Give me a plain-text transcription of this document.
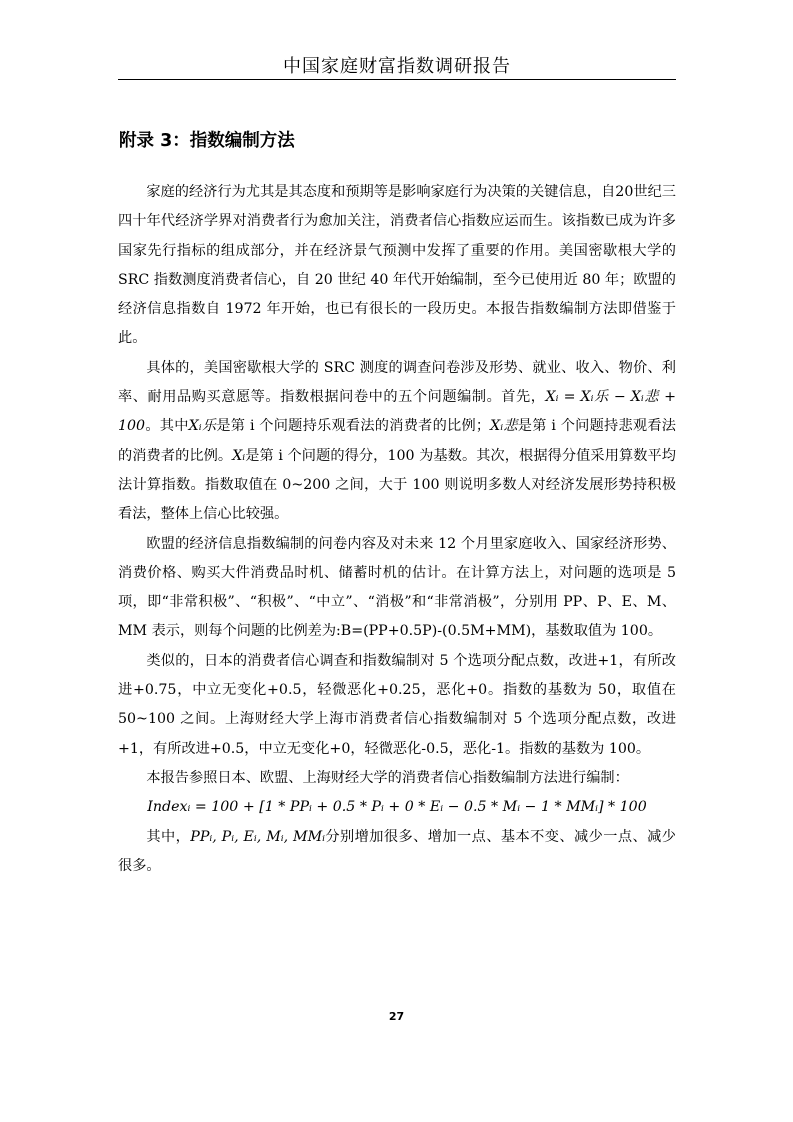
中国家庭财富指数调研报告
附录 3：指数编制方法

家庭的经济行为尤其是其态度和预期等是影响家庭行为决策的关键信息，自20世纪三四十年代经济学界对消费者行为愈加关注，消费者信心指数应运而生。该指数已成为许多国家先行指标的组成部分，并在经济景气预测中发挥了重要的作用。美国密歇根大学的 SRC 指数测度消费者信心，自 20 世纪 40 年代开始编制，至今已使用近 80 年；欧盟的经济信息指数自 1972 年开始，也已有很长的一段历史。本报告指数编制方法即借鉴于此。

具体的，美国密歇根大学的 SRC 测度的调查问卷涉及形势、就业、收入、物价、利率、耐用品购买意愿等。指数根据问卷中的五个问题编制。首先，Xᵢ = Xᵢ乐 − Xᵢ悲 + 100。其中Xᵢ乐是第 i 个问题持乐观看法的消费者的比例；Xᵢ悲是第 i 个问题持悲观看法的消费者的比例。Xᵢ是第 i 个问题的得分，100 为基数。其次，根据得分值采用算数平均法计算指数。指数取值在 0~200 之间，大于 100 则说明多数人对经济发展形势持积极看法，整体上信心比较强。

欧盟的经济信息指数编制的问卷内容及对未来 12 个月里家庭收入、国家经济形势、消费价格、购买大件消费品时机、储蓄时机的估计。在计算方法上，对问题的选项是 5 项，即“非常积极”、“积极”、“中立”、“消极”和“非常消极”，分别用 PP、P、E、M、MM 表示，则每个问题的比例差为:B=(PP+0.5P)-(0.5M+MM)，基数取值为 100。

类似的，日本的消费者信心调查和指数编制对 5 个选项分配点数，改进+1，有所改进+0.75，中立无变化+0.5，轻微恶化+0.25，恶化+0。指数的基数为 50，取值在 50~100 之间。上海财经大学上海市消费者信心指数编制对 5 个选项分配点数，改进+1，有所改进+0.5，中立无变化+0，轻微恶化-0.5，恶化-1。指数的基数为 100。

本报告参照日本、欧盟、上海财经大学的消费者信心指数编制方法进行编制：

Indexᵢ = 100 + [1 * PPᵢ + 0.5 * Pᵢ + 0 * Eᵢ − 0.5 * Mᵢ − 1 * MMᵢ] * 100

其中，PPᵢ, Pᵢ, Eᵢ, Mᵢ, MMᵢ分别增加很多、增加一点、基本不变、减少一点、减少很多。

27
